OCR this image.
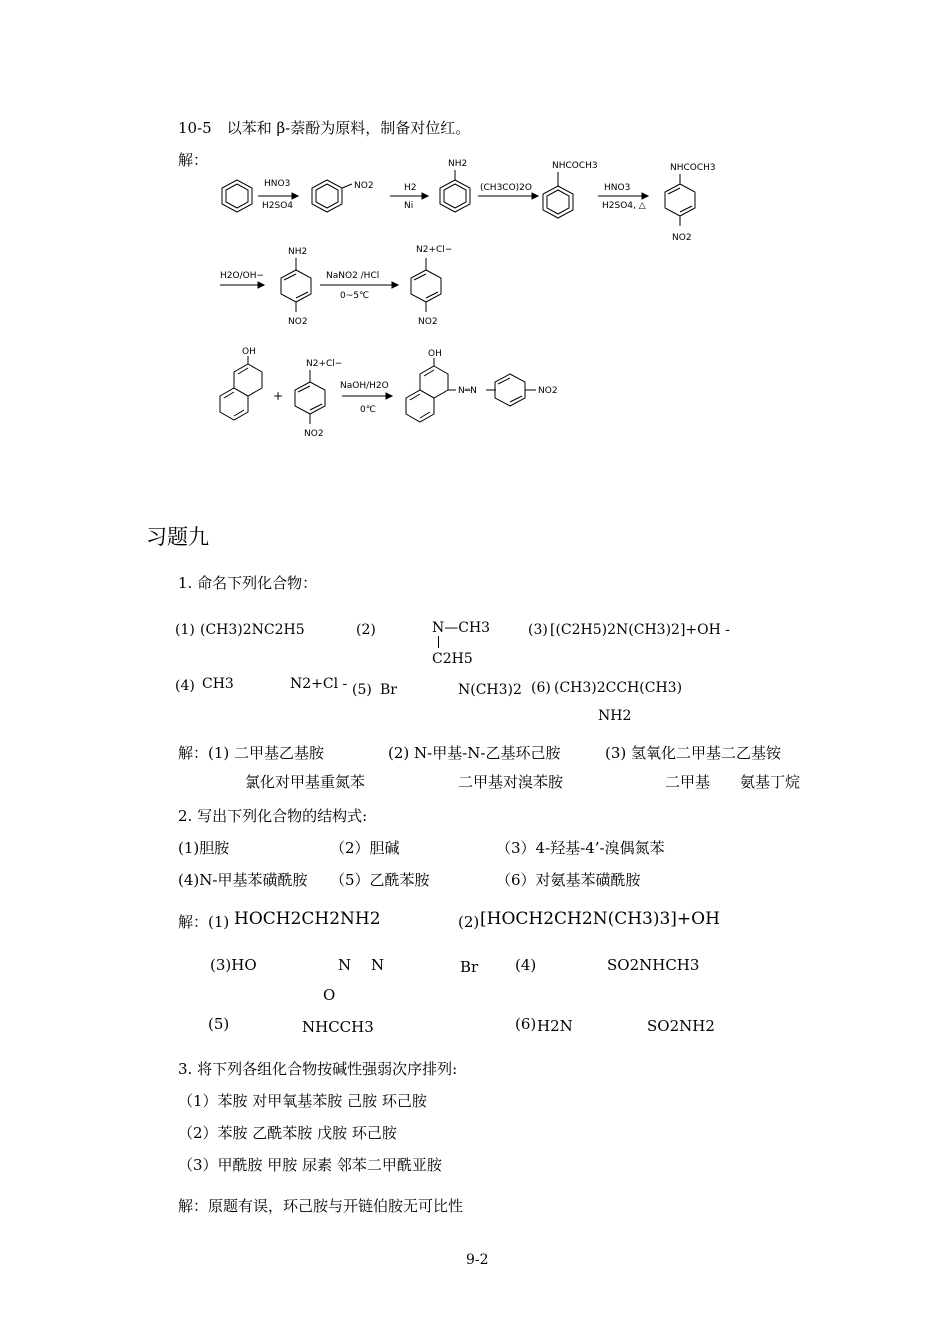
10-5　以苯和 β-萘酚为原料，制备对位红。
解：
HNO3
H2SO4
NO2	H2
Ni
NH2
(CH3CO)2O
NHCOCH3
HNO3
H2SO4, △
NHCOCH3
NO2
H2O/OH−
NH2
NO2
NaNO2 /HCl
0~5℃
N2+Cl−
NO2
OH
+
N2+Cl−
NO2
NaOH/H2O
0℃
OH
N═N	NO2
习题九
1. 命名下列化合物：
(1) (CH3)2NC2H5	(2)	N—CH3
C2H5
(3) [(C2H5)2N(CH3)2]+OH -
(4) CH3	N2+Cl - (5) Br	N(CH3)2 (6) (CH3)2CCH(CH3)
NH2
解：(1) 二甲基乙基胺	(2) N-甲基-N-乙基环己胺	(3) 氢氧化二甲基二乙基铵
氯化对甲基重氮苯	二甲基对溴苯胺	二甲基 氨基丁烷
2. 写出下列化合物的结构式:
(1)胆胺	（2）胆碱	（3）4-羟基-4’-溴偶氮苯
(4)N-甲基苯磺酰胺 （5）乙酰苯胺	（6）对氨基苯磺酰胺
解：(1) HOCH2CH2NH2	(2) [HOCH2CH2N(CH3)3]+OH
(3)HO	N N	Br (4)	SO2NHCH3
O
(5)	NHCCH3	(6) H2N	SO2NH2
3. 将下列各组化合物按碱性强弱次序排列:
（1）苯胺 对甲氧基苯胺 己胺 环己胺
（2）苯胺 乙酰苯胺 戊胺 环己胺
（3）甲酰胺 甲胺 尿素 邻苯二甲酰亚胺
解：原题有误，环己胺与开链伯胺无可比性
9-2
